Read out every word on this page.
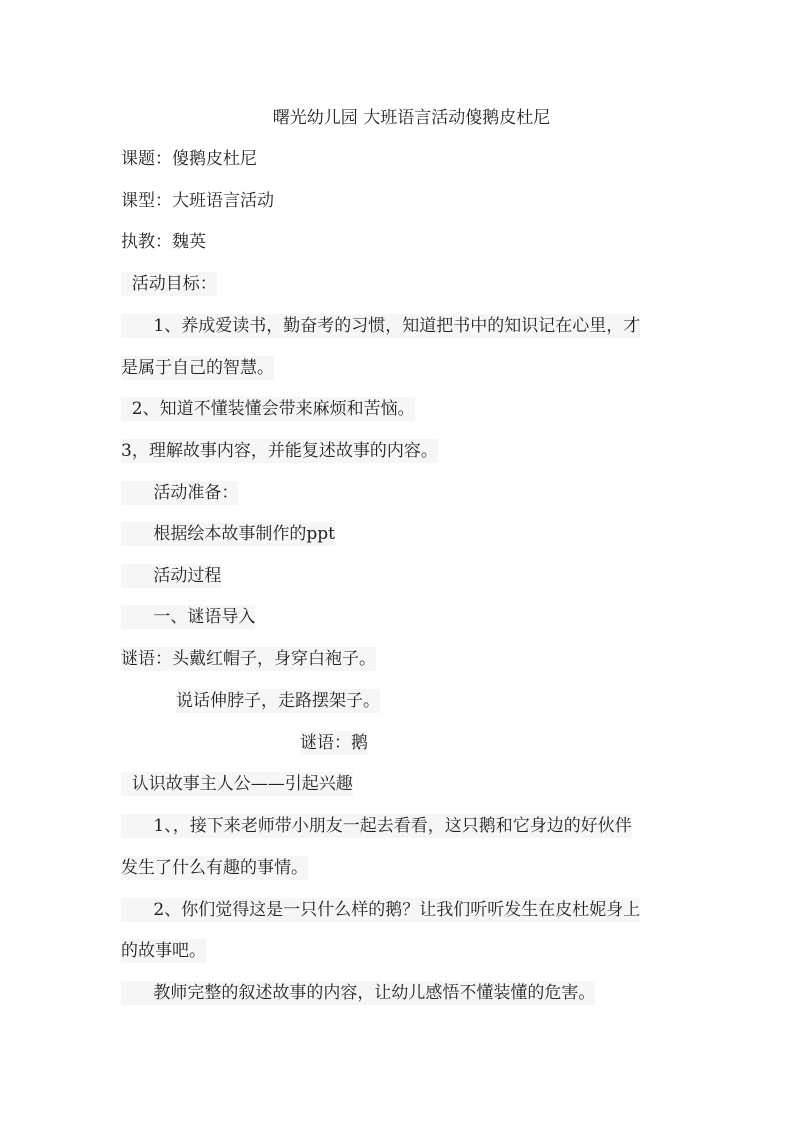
曙光幼儿园 大班语言活动傻鹅皮杜尼
课题：傻鹅皮杜尼
课型：大班语言活动
执教：魏英
活动目标：
1、养成爱读书，勤奋考的习惯，知道把书中的知识记在心里，才
是属于自己的智慧。
2、知道不懂装懂会带来麻烦和苦恼。
3，理解故事内容，并能复述故事的内容。
活动准备：
根据绘本故事制作的ppt
活动过程
一、谜语导入
谜语：头戴红帽子，身穿白袍子。
说话伸脖子，走路摆架子。
谜语：鹅
认识故事主人公——引起兴趣
1、，接下来老师带小朋友一起去看看，这只鹅和它身边的好伙伴
发生了什么有趣的事情。
2、你们觉得这是一只什么样的鹅？让我们听听发生在皮杜妮身上
的故事吧。
教师完整的叙述故事的内容，让幼儿感悟不懂装懂的危害。
